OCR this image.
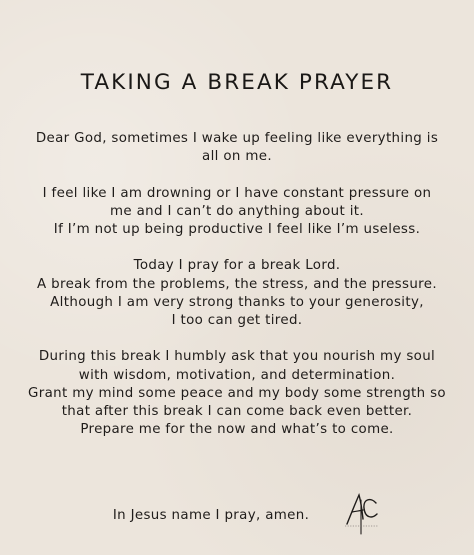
TAKING A BREAK PRAYER
Dear God, sometimes I wake up feeling like everything is
all on me.
I feel like I am drowning or I have constant pressure on
me and I can’t do anything about it.
If I’m not up being productive I feel like I’m useless.
Today I pray for a break Lord.
A break from the problems, the stress, and the pressure.
Although I am very strong thanks to your generosity,
I too can get tired.
During this break I humbly ask that you nourish my soul
with wisdom, motivation, and determination.
Grant my mind some peace and my body some strength so
that after this break I can come back even better.
Prepare me for the now and what’s to come.
In Jesus name I pray, amen.
